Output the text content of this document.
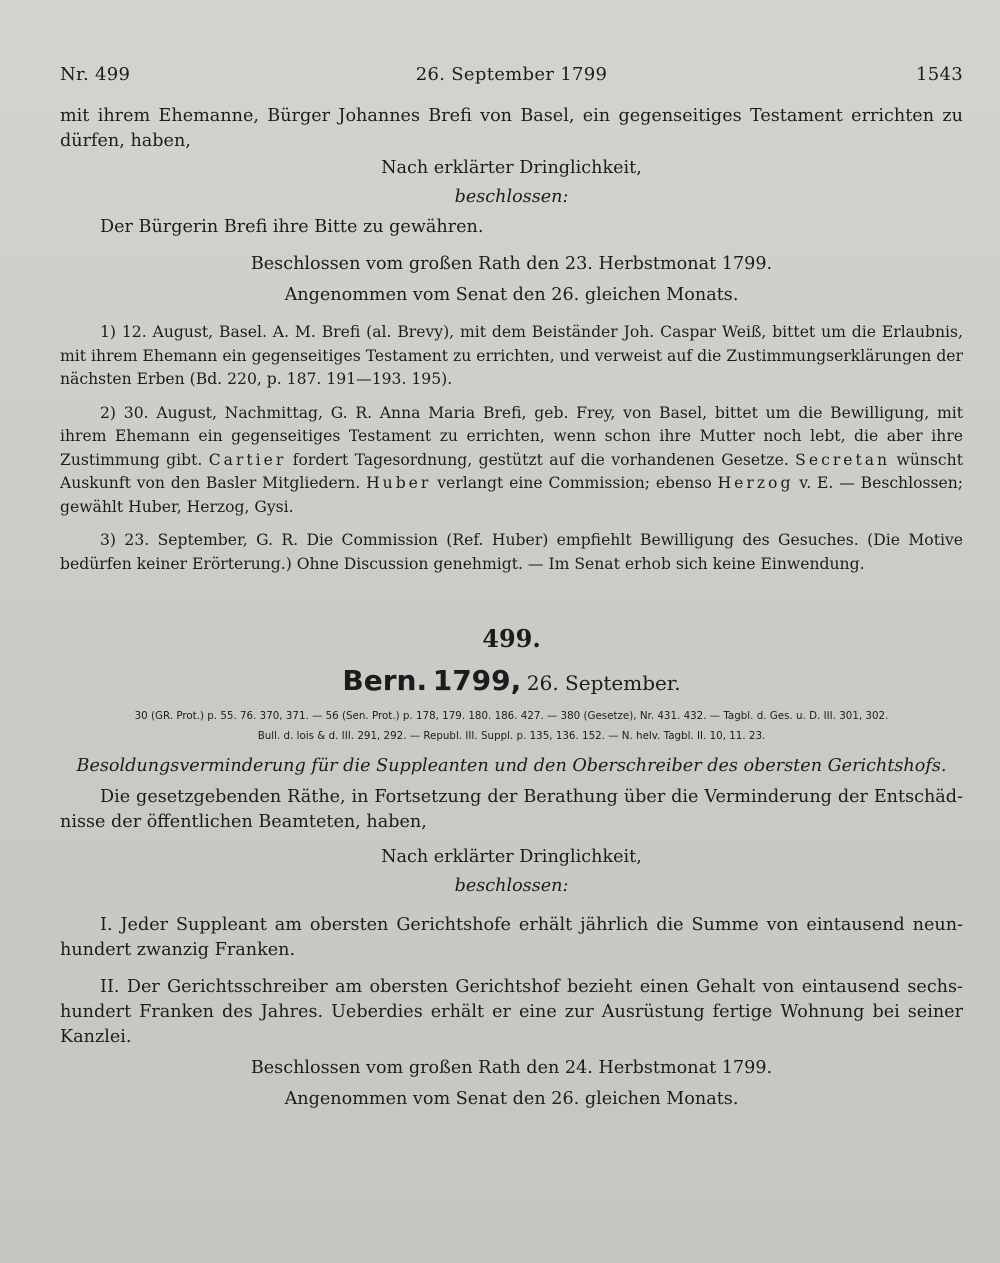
Nr. 499	26. September 1799	1543

mit ihrem Ehemanne, Bürger Johannes Brefi von Basel, ein gegenseitiges Testament errichten zu dürfen, haben,

Nach erklärter Dringlichkeit,

beschlossen:

Der Bürgerin Brefi ihre Bitte zu gewähren.

Beschlossen vom großen Rath den 23. Herbstmonat 1799.

Angenommen vom Senat den 26. gleichen Monats.

1) 12. August, Basel. A. M. Brefi (al. Brevy), mit dem Beiständer Joh. Caspar Weiß, bittet um die Erlaubnis, mit ihrem Ehemann ein gegenseitiges Testament zu errichten, und verweist auf die Zustimmungserklärungen der nächsten Erben (Bd. 220, p. 187. 191—193. 195).

2) 30. August, Nachmittag, G. R. Anna Maria Brefi, geb. Frey, von Basel, bittet um die Bewilligung, mit ihrem Ehemann ein gegenseitiges Testament zu errichten, wenn schon ihre Mutter noch lebt, die aber ihre Zustimmung gibt. Cartier fordert Tagesordnung, gestützt auf die vorhandenen Gesetze. Secretan wünscht Auskunft von den Basler Mitgliedern. Huber verlangt eine Commission; ebenso Herzog v. E. — Beschlossen; gewählt Huber, Herzog, Gysi.

3) 23. September, G. R. Die Commission (Ref. Huber) empfiehlt Bewilligung des Gesuches. (Die Motive bedürfen keiner Erörterung.) Ohne Discussion genehmigt. — Im Senat erhob sich keine Einwendung.

499.

Bern. 1799, 26. September.

30 (GR. Prot.) p. 55. 76. 370, 371. — 56 (Sen. Prot.) p. 178, 179. 180. 186. 427. — 380 (Gesetze), Nr. 431. 432. — Tagbl. d. Ges. u. D. III. 301, 302.

Bull. d. lois & d. III. 291, 292. — Republ. III. Suppl. p. 135, 136. 152. — N. helv. Tagbl. II. 10, 11. 23.

Besoldungsverminderung für die Suppleanten und den Oberschreiber des obersten Gerichtshofs.

Die gesetzgebenden Räthe, in Fortsetzung der Berathung über die Verminderung der Entschädnisse der öffentlichen Beamteten, haben,

Nach erklärter Dringlichkeit,

beschlossen:

I. Jeder Suppleant am obersten Gerichtshofe erhält jährlich die Summe von eintausend neunhundert zwanzig Franken.

II. Der Gerichtsschreiber am obersten Gerichtshof bezieht einen Gehalt von eintausend sechshundert Franken des Jahres. Ueberdies erhält er eine zur Ausrüstung fertige Wohnung bei seiner Kanzlei.

Beschlossen vom großen Rath den 24. Herbstmonat 1799.

Angenommen vom Senat den 26. gleichen Monats.
